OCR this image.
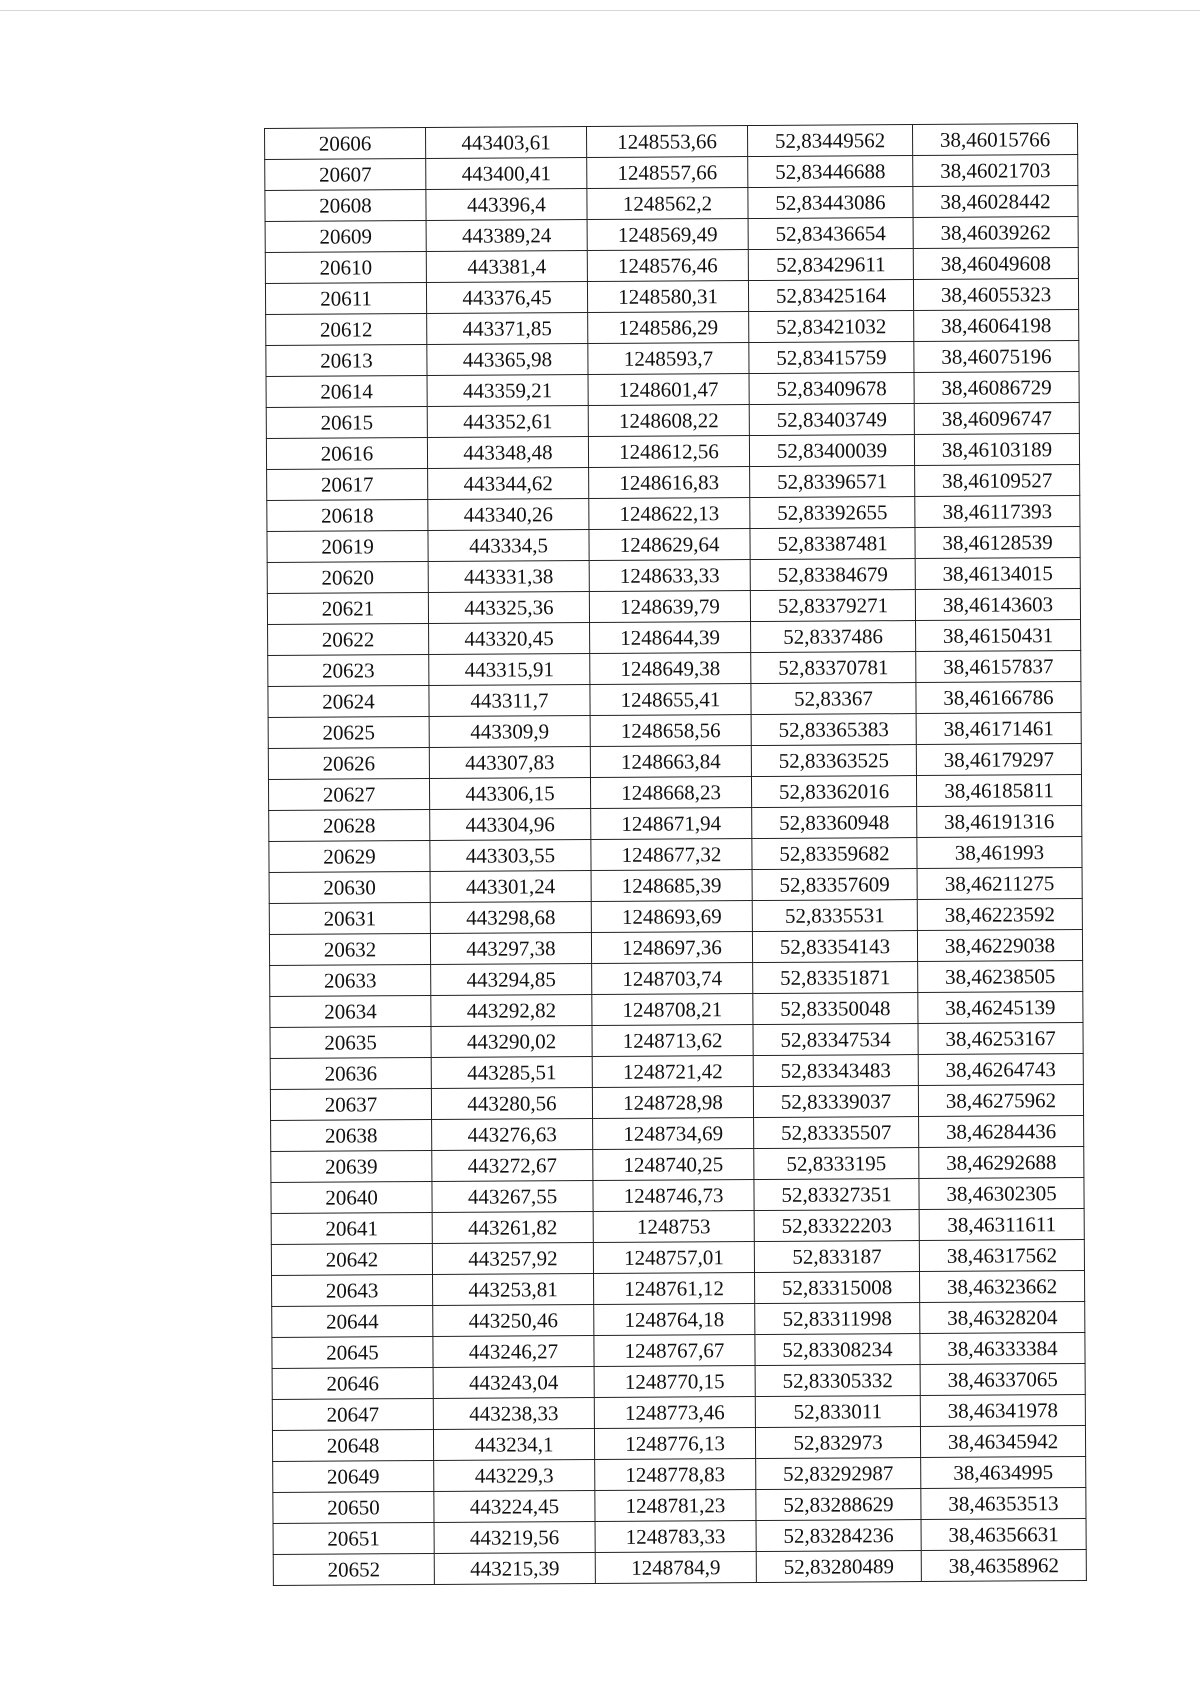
20606	443403,61	1248553,66	52,83449562	38,46015766
20607	443400,41	1248557,66	52,83446688	38,46021703
20608	443396,4	1248562,2	52,83443086	38,46028442
20609	443389,24	1248569,49	52,83436654	38,46039262
20610	443381,4	1248576,46	52,83429611	38,46049608
20611	443376,45	1248580,31	52,83425164	38,46055323
20612	443371,85	1248586,29	52,83421032	38,46064198
20613	443365,98	1248593,7	52,83415759	38,46075196
20614	443359,21	1248601,47	52,83409678	38,46086729
20615	443352,61	1248608,22	52,83403749	38,46096747
20616	443348,48	1248612,56	52,83400039	38,46103189
20617	443344,62	1248616,83	52,83396571	38,46109527
20618	443340,26	1248622,13	52,83392655	38,46117393
20619	443334,5	1248629,64	52,83387481	38,46128539
20620	443331,38	1248633,33	52,83384679	38,46134015
20621	443325,36	1248639,79	52,83379271	38,46143603
20622	443320,45	1248644,39	52,8337486	38,46150431
20623	443315,91	1248649,38	52,83370781	38,46157837
20624	443311,7	1248655,41	52,83367	38,46166786
20625	443309,9	1248658,56	52,83365383	38,46171461
20626	443307,83	1248663,84	52,83363525	38,46179297
20627	443306,15	1248668,23	52,83362016	38,46185811
20628	443304,96	1248671,94	52,83360948	38,46191316
20629	443303,55	1248677,32	52,83359682	38,461993
20630	443301,24	1248685,39	52,83357609	38,46211275
20631	443298,68	1248693,69	52,8335531	38,46223592
20632	443297,38	1248697,36	52,83354143	38,46229038
20633	443294,85	1248703,74	52,83351871	38,46238505
20634	443292,82	1248708,21	52,83350048	38,46245139
20635	443290,02	1248713,62	52,83347534	38,46253167
20636	443285,51	1248721,42	52,83343483	38,46264743
20637	443280,56	1248728,98	52,83339037	38,46275962
20638	443276,63	1248734,69	52,83335507	38,46284436
20639	443272,67	1248740,25	52,8333195	38,46292688
20640	443267,55	1248746,73	52,83327351	38,46302305
20641	443261,82	1248753	52,83322203	38,46311611
20642	443257,92	1248757,01	52,833187	38,46317562
20643	443253,81	1248761,12	52,83315008	38,46323662
20644	443250,46	1248764,18	52,83311998	38,46328204
20645	443246,27	1248767,67	52,83308234	38,46333384
20646	443243,04	1248770,15	52,83305332	38,46337065
20647	443238,33	1248773,46	52,833011	38,46341978
20648	443234,1	1248776,13	52,832973	38,46345942
20649	443229,3	1248778,83	52,83292987	38,4634995
20650	443224,45	1248781,23	52,83288629	38,46353513
20651	443219,56	1248783,33	52,83284236	38,46356631
20652	443215,39	1248784,9	52,83280489	38,46358962
